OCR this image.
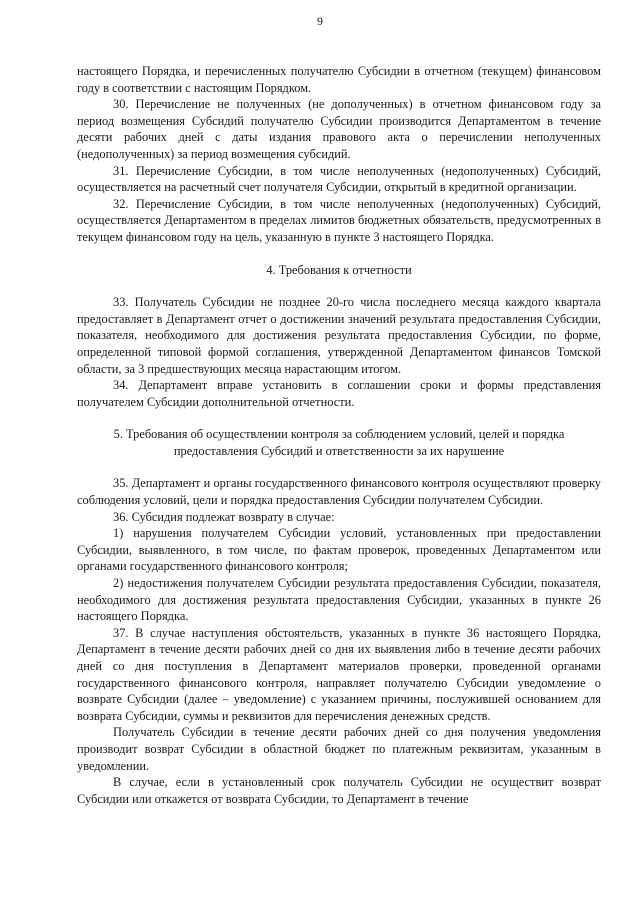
9

настоящего Порядка, и перечисленных получателю Субсидии в отчетном (текущем) финансовом году в соответствии с настоящим Порядком.

30. Перечисление не полученных (не дополученных) в отчетном финансовом году за период возмещения Субсидий получателю Субсидии производится Департаментом в течение десяти рабочих дней с даты издания правового акта о перечислении неполученных (недополученных) за период возмещения субсидий.

31. Перечисление Субсидии, в том числе неполученных (недополученных) Субсидий, осуществляется на расчетный счет получателя Субсидии, открытый в кредитной организации.

32. Перечисление Субсидии, в том числе неполученных (недополученных) Субсидий, осуществляется Департаментом в пределах лимитов бюджетных обязательств, предусмотренных в текущем финансовом году на цель, указанную в пункте 3 настоящего Порядка.

4. Требования к отчетности

33. Получатель Субсидии не позднее 20-го числа последнего месяца каждого квартала предоставляет в Департамент отчет о достижении значений результата предоставления Субсидии, показателя, необходимого для достижения результата предоставления Субсидии, по форме, определенной типовой формой соглашения, утвержденной Департаментом финансов Томской области, за 3 предшествующих месяца нарастающим итогом.

34. Департамент вправе установить в соглашении сроки и формы представления получателем Субсидии дополнительной отчетности.

5. Требования об осуществлении контроля за соблюдением условий, целей и порядка
предоставления Субсидий и ответственности за их нарушение

35. Департамент и органы государственного финансового контроля осуществляют проверку соблюдения условий, цели и порядка предоставления Субсидии получателем Субсидии.

36. Субсидия подлежат возврату в случае:

1) нарушения получателем Субсидии условий, установленных при предоставлении Субсидии, выявленного, в том числе, по фактам проверок, проведенных Департаментом или органами государственного финансового контроля;

2) недостижения получателем Субсидии результата предоставления Субсидии, показателя, необходимого для достижения результата предоставления Субсидии, указанных в пункте 26 настоящего Порядка.

37. В случае наступления обстоятельств, указанных в пункте 36 настоящего Порядка, Департамент в течение десяти рабочих дней со дня их выявления либо в течение десяти рабочих дней со дня поступления в Департамент материалов проверки, проведенной органами государственного финансового контроля, направляет получателю Субсидии уведомление о возврате Субсидии (далее – уведомление) с указанием причины, послужившей основанием для возврата Субсидии, суммы и реквизитов для перечисления денежных средств.

Получатель Субсидии в течение десяти рабочих дней со дня получения уведомления производит возврат Субсидии в областной бюджет по платежным реквизитам, указанным в уведомлении.

В случае, если в установленный срок получатель Субсидии не осуществит возврат Субсидии или откажется от возврата Субсидии, то Департамент в течение
